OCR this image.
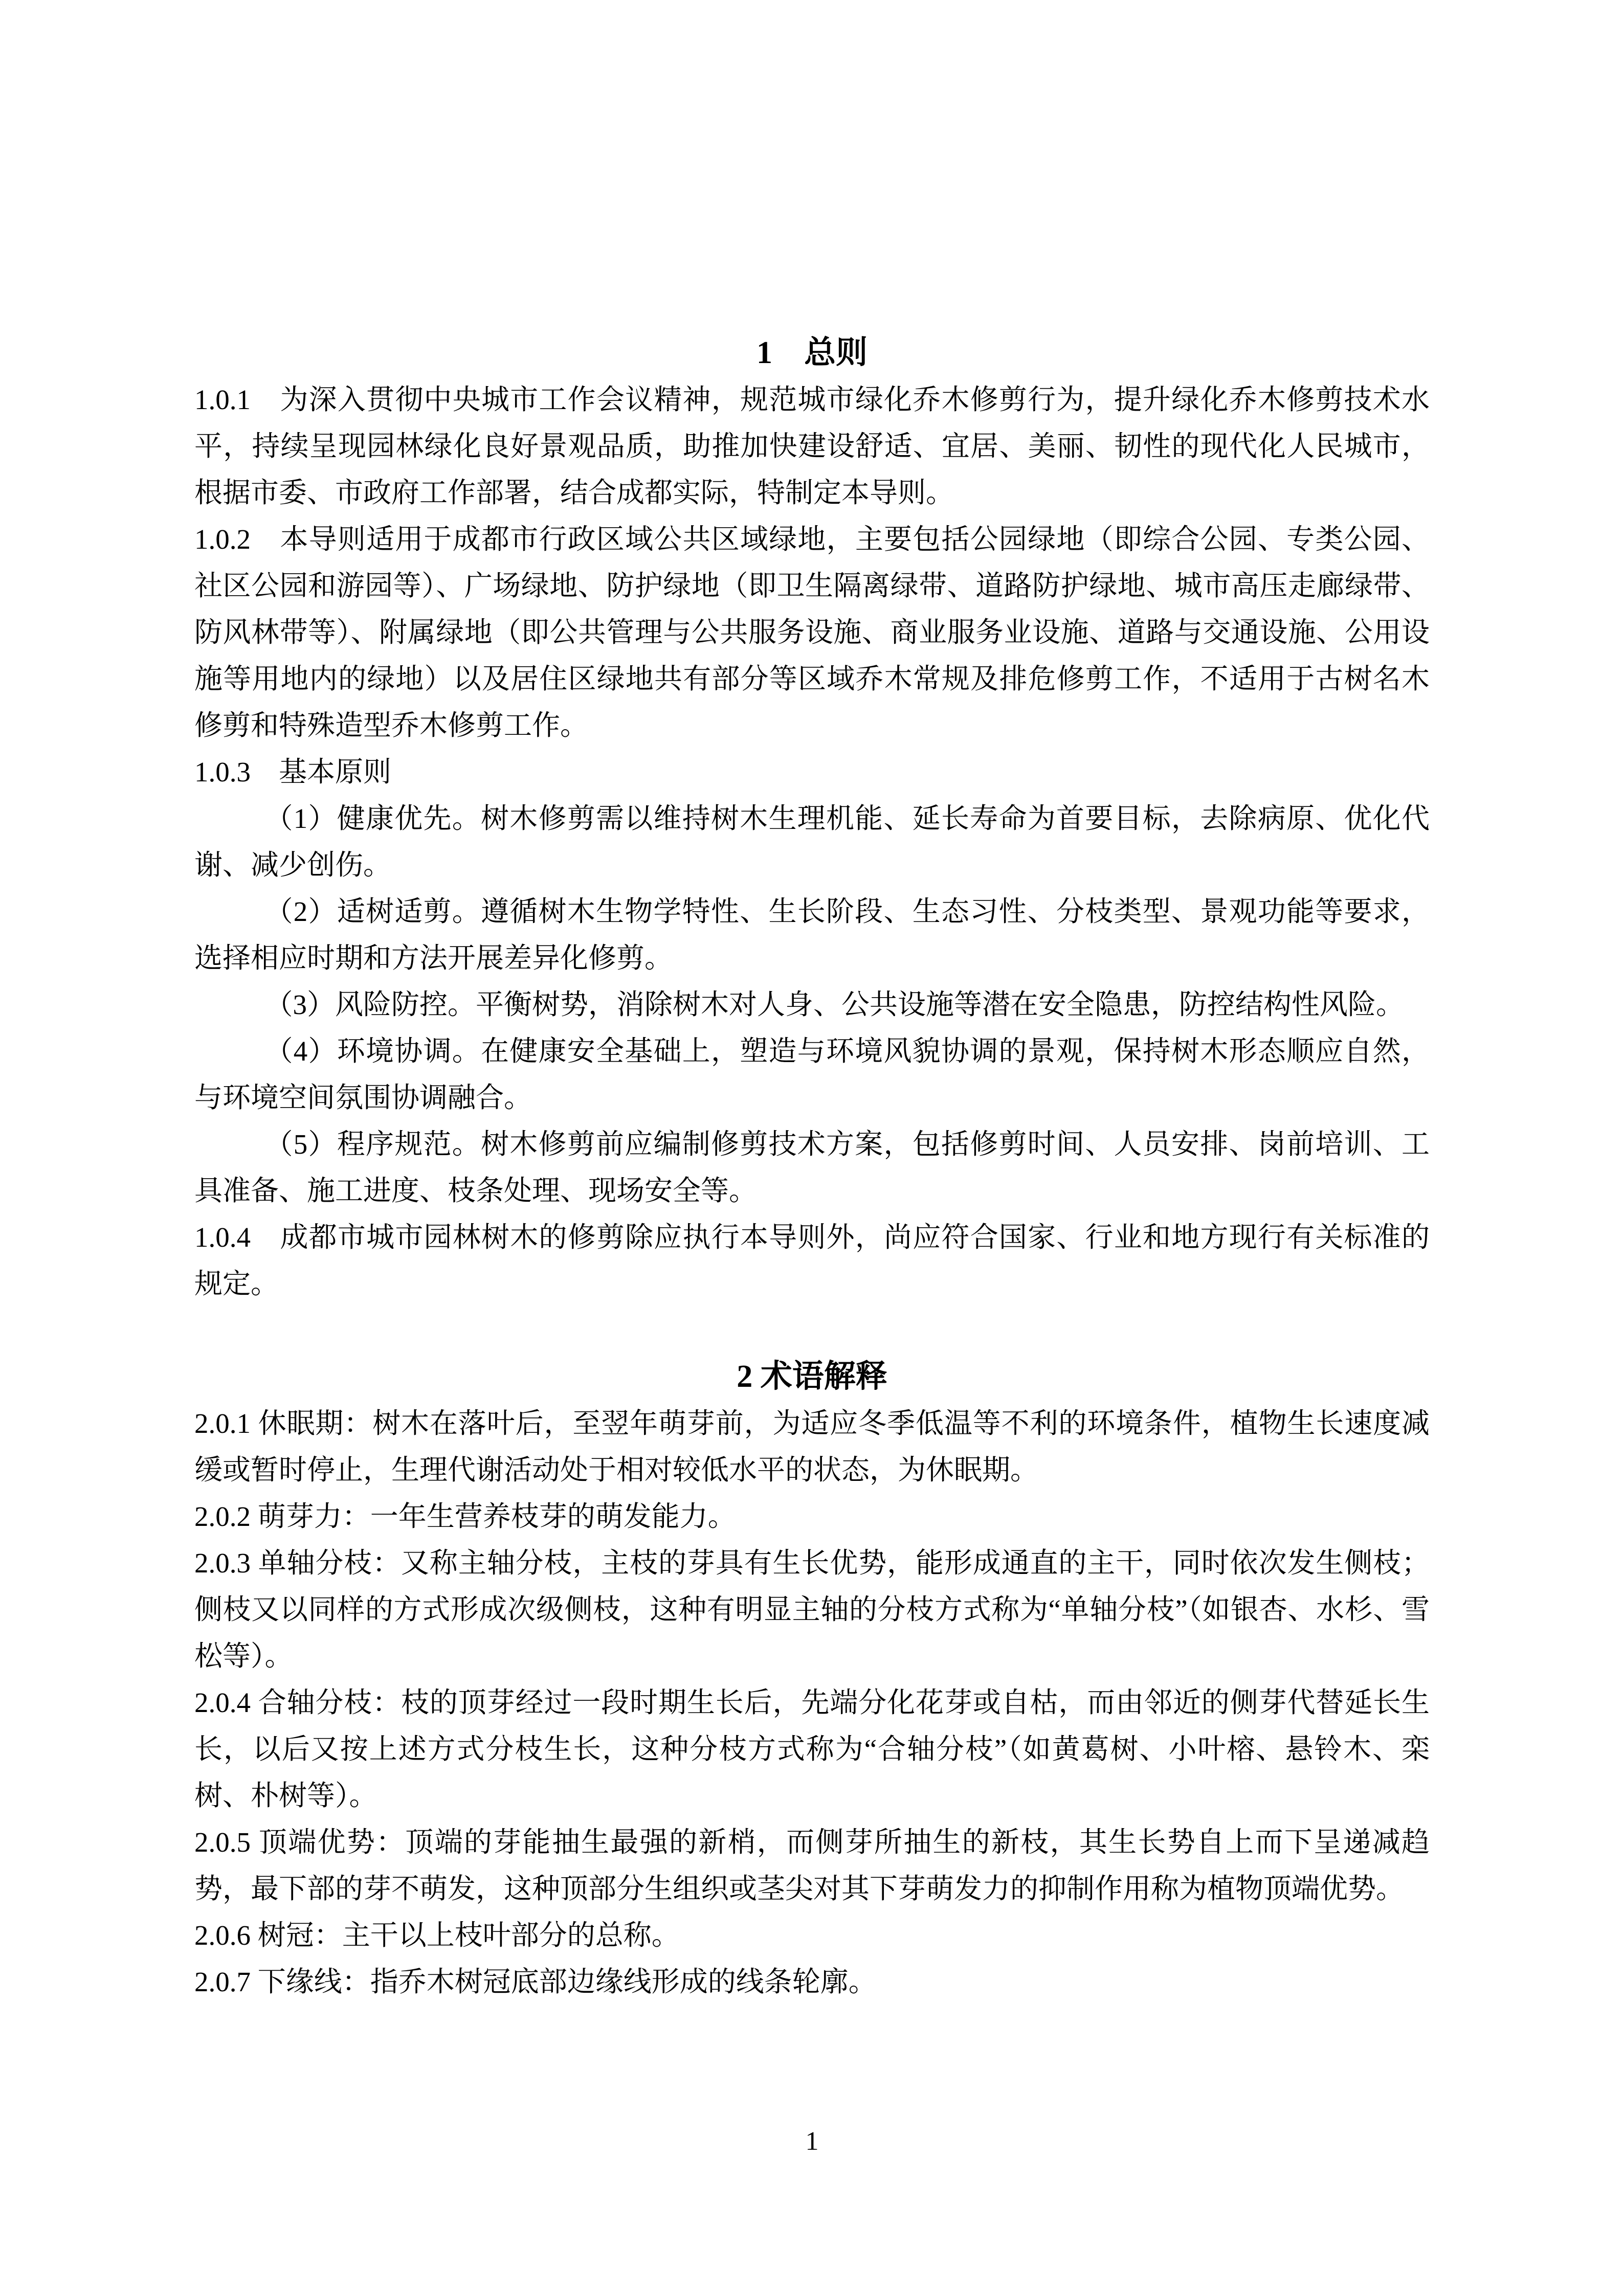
1　总则

1.0.1　为深入贯彻中央城市工作会议精神，规范城市绿化乔木修剪行为，提升绿化乔木修剪技术水平，持续呈现园林绿化良好景观品质，助推加快建设舒适、宜居、美丽、韧性的现代化人民城市，根据市委、市政府工作部署，结合成都实际，特制定本导则。

1.0.2　本导则适用于成都市行政区域公共区域绿地，主要包括公园绿地（即综合公园、专类公园、社区公园和游园等）、广场绿地、防护绿地（即卫生隔离绿带、道路防护绿地、城市高压走廊绿带、防风林带等）、附属绿地（即公共管理与公共服务设施、商业服务业设施、道路与交通设施、公用设施等用地内的绿地）以及居住区绿地共有部分等区域乔木常规及排危修剪工作，不适用于古树名木修剪和特殊造型乔木修剪工作。

1.0.3　基本原则

（1）健康优先。树木修剪需以维持树木生理机能、延长寿命为首要目标，去除病原、优化代谢、减少创伤。

（2）适树适剪。遵循树木生物学特性、生长阶段、生态习性、分枝类型、景观功能等要求，选择相应时期和方法开展差异化修剪。

（3）风险防控。平衡树势，消除树木对人身、公共设施等潜在安全隐患，防控结构性风险。

（4）环境协调。在健康安全基础上，塑造与环境风貌协调的景观，保持树木形态顺应自然，与环境空间氛围协调融合。

（5）程序规范。树木修剪前应编制修剪技术方案，包括修剪时间、人员安排、岗前培训、工具准备、施工进度、枝条处理、现场安全等。

1.0.4　成都市城市园林树木的修剪除应执行本导则外，尚应符合国家、行业和地方现行有关标准的规定。

2 术语解释

2.0.1 休眠期：树木在落叶后，至翌年萌芽前，为适应冬季低温等不利的环境条件，植物生长速度减缓或暂时停止，生理代谢活动处于相对较低水平的状态，为休眠期。

2.0.2 萌芽力：一年生营养枝芽的萌发能力。

2.0.3 单轴分枝：又称主轴分枝，主枝的芽具有生长优势，能形成通直的主干，同时依次发生侧枝；侧枝又以同样的方式形成次级侧枝，这种有明显主轴的分枝方式称为“单轴分枝”（如银杏、水杉、雪松等）。

2.0.4 合轴分枝：枝的顶芽经过一段时期生长后，先端分化花芽或自枯，而由邻近的侧芽代替延长生长，以后又按上述方式分枝生长，这种分枝方式称为“合轴分枝”（如黄葛树、小叶榕、悬铃木、栾树、朴树等）。

2.0.5 顶端优势：顶端的芽能抽生最强的新梢，而侧芽所抽生的新枝，其生长势自上而下呈递减趋势，最下部的芽不萌发，这种顶部分生组织或茎尖对其下芽萌发力的抑制作用称为植物顶端优势。

2.0.6 树冠：主干以上枝叶部分的总称。

2.0.7 下缘线：指乔木树冠底部边缘线形成的线条轮廓。

1
